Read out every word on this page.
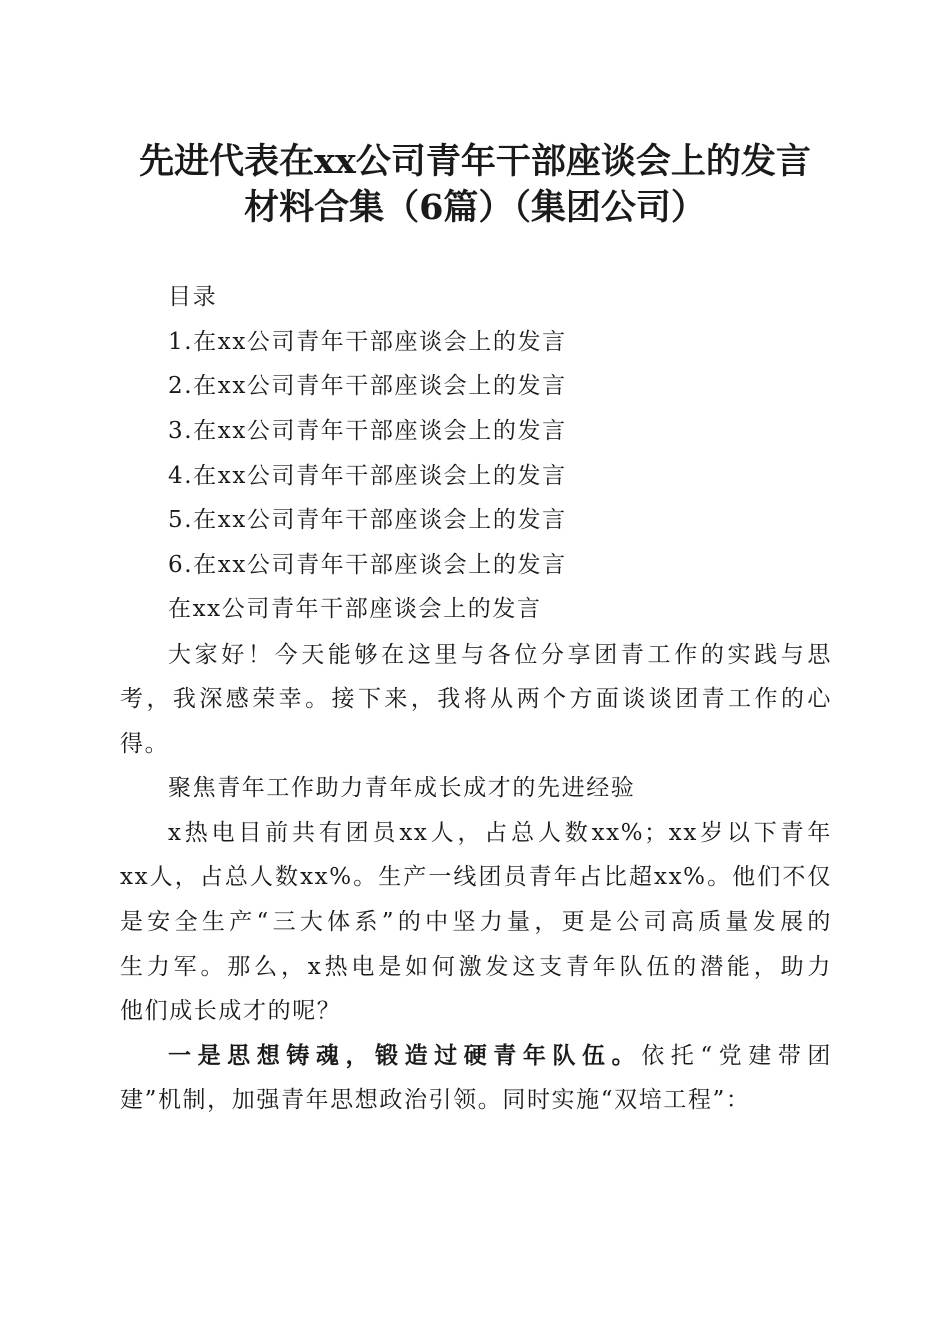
先进代表在xx公司青年干部座谈会上的发言
材料合集（6篇）（集团公司）
目录
1.在xx公司青年干部座谈会上的发言
2.在xx公司青年干部座谈会上的发言
3.在xx公司青年干部座谈会上的发言
4.在xx公司青年干部座谈会上的发言
5.在xx公司青年干部座谈会上的发言
6.在xx公司青年干部座谈会上的发言
在xx公司青年干部座谈会上的发言
大家好！今天能够在这里与各位分享团青工作的实践与思
考，我深感荣幸。接下来，我将从两个方面谈谈团青工作的心
得。
聚焦青年工作助力青年成长成才的先进经验
x热电目前共有团员xx人，占总人数xx%；xx岁以下青年
xx人，占总人数xx%。生产一线团员青年占比超xx%。他们不仅
是安全生产“三大体系”的中坚力量，更是公司高质量发展的
生力军。那么，x热电是如何激发这支青年队伍的潜能，助力
他们成长成才的呢？
一是思想铸魂，锻造过硬青年队伍。依托“党建带团
建”机制，加强青年思想政治引领。同时实施“双培工程”：
